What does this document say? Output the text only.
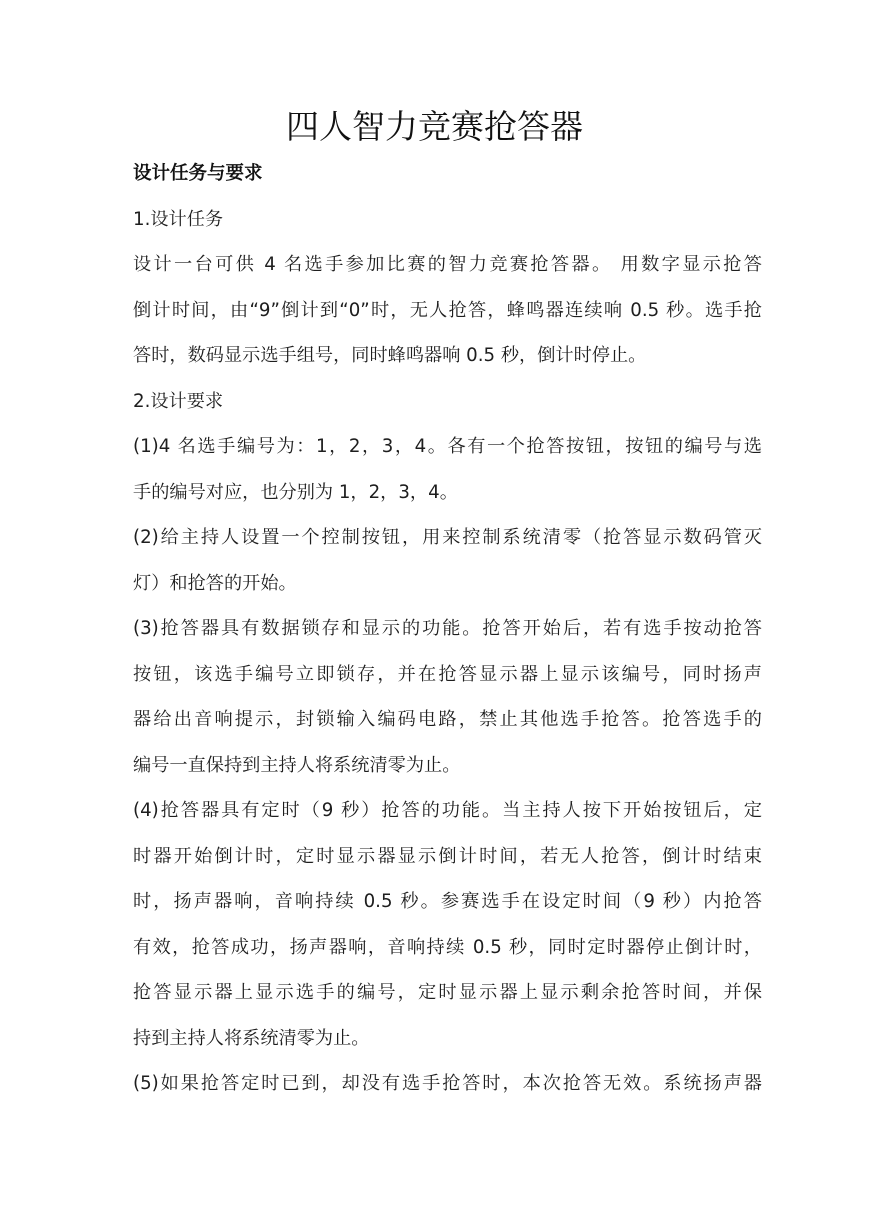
四人智力竞赛抢答器
设计任务与要求
1.设计任务
设计一台可供 4 名选手参加比赛的智力竞赛抢答器。 用数字显示抢答
倒计时间，由“9”倒计到“0”时，无人抢答，蜂鸣器连续响 0.5 秒。选手抢
答时，数码显示选手组号，同时蜂鸣器响 0.5 秒，倒计时停止。
2.设计要求
(1)4 名选手编号为：1，2，3，4。各有一个抢答按钮，按钮的编号与选
手的编号对应，也分别为 1，2，3，4。
(2)给主持人设置一个控制按钮，用来控制系统清零（抢答显示数码管灭
灯）和抢答的开始。
(3)抢答器具有数据锁存和显示的功能。抢答开始后，若有选手按动抢答
按钮，该选手编号立即锁存，并在抢答显示器上显示该编号，同时扬声
器给出音响提示，封锁输入编码电路，禁止其他选手抢答。抢答选手的
编号一直保持到主持人将系统清零为止。
(4)抢答器具有定时（9 秒）抢答的功能。当主持人按下开始按钮后，定
时器开始倒计时，定时显示器显示倒计时间，若无人抢答，倒计时结束
时，扬声器响，音响持续 0.5 秒。参赛选手在设定时间（9 秒）内抢答
有效，抢答成功，扬声器响，音响持续 0.5 秒，同时定时器停止倒计时，
抢答显示器上显示选手的编号，定时显示器上显示剩余抢答时间，并保
持到主持人将系统清零为止。
(5)如果抢答定时已到，却没有选手抢答时，本次抢答无效。系统扬声器
